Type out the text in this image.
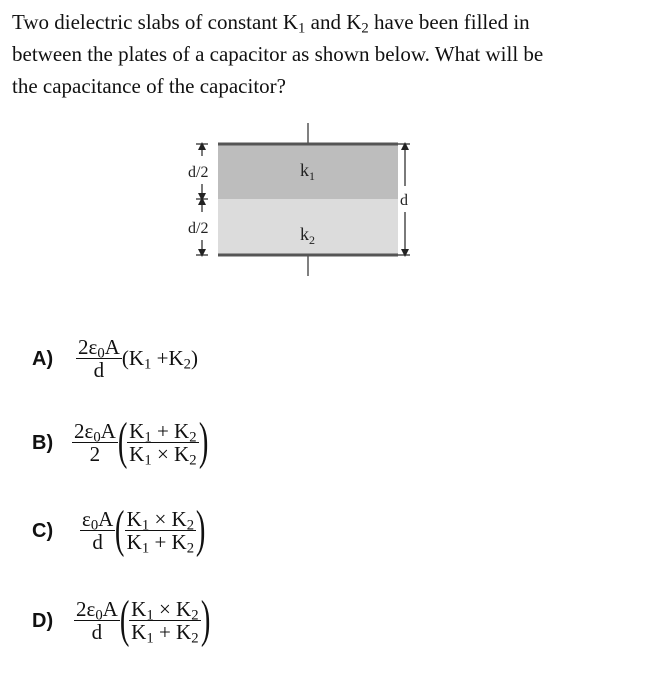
Two dielectric slabs of constant $K_1$ and $K_2$ have been filled in
between the plates of a capacitor as shown below. What will be
the capacitance of the capacitor?
$k_1$
$k_2$
d/2
d/2
d
$A) \frac{2\varepsilon_0A}{d} (K_1 +K_2)$
$B) \frac{2\varepsilon_0A}{2}$ ( $\frac{K_1 + K_2}{K_1 \times K_2}$ )
$C) \frac{\varepsilon_0A}{d}$ ( $\frac{K_1 \times K_2}{K_1 + K_2}$ )
$D) \frac{2\varepsilon_0A}{d}$ ( $\frac{K_1 \times K_2}{K_1 + K_2}$ )
